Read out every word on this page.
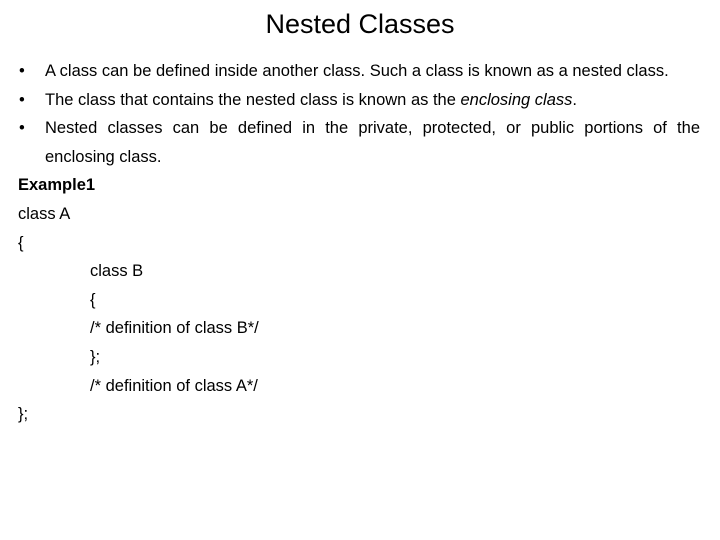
Nested Classes
• A class can be defined inside another class. Such a class is known as a nested class.
• The class that contains the nested class is known as the enclosing class.
• Nested classes can be defined in the private, protected, or public portions of the enclosing class.
Example1
class A
{
class B
{
/* definition of class B*/
};
/* definition of class A*/
};
